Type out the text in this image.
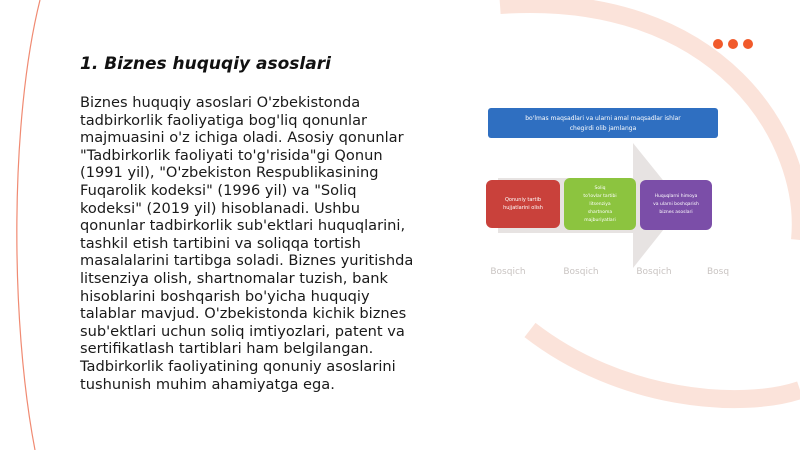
1. Biznes huquqiy asoslari

Biznes huquqiy asoslari O'zbekistonda tadbirkorlik faoliyatiga bog'liq qonunlar majmuasini o'z ichiga oladi. Asosiy qonunlar "Tadbirkorlik faoliyati to'g'risida"gi Qonun (1991 yil), "O'zbekiston Respublikasining Fuqarolik kodeksi" (1996 yil) va "Soliq kodeksi" (2019 yil) hisoblanadi. Ushbu qonunlar tadbirkorlik sub'ektlari huquqlarini, tashkil etish tartibini va soliqqa tortish masalalarini tartibga soladi. Biznes yuritishda litsenziya olish, shartnomalar tuzish, bank hisoblarini boshqarish bo'yicha huquqiy talablar mavjud. O'zbekistonda kichik biznes sub'ektlari uchun soliq imtiyozlari, patent va sertifikatlash tartiblari ham belgilangan. Tadbirkorlik faoliyatining qonuniy asoslarini tushunish muhim ahamiyatga ega.

bo'lmas maqsadlari va ularni amal maqsadlar ishlar
chegirdi olib jamlanga
Qonuniy tartib
hujjatlarini olish
Soliq
to'lovlar tartibi
litsenziya
shartnoma
majburiyatlari
Huquqlarni himoya
va ularni boshqarish
biznes asoslari
Bosqich	Bosqich	Bosqich	Bosq
